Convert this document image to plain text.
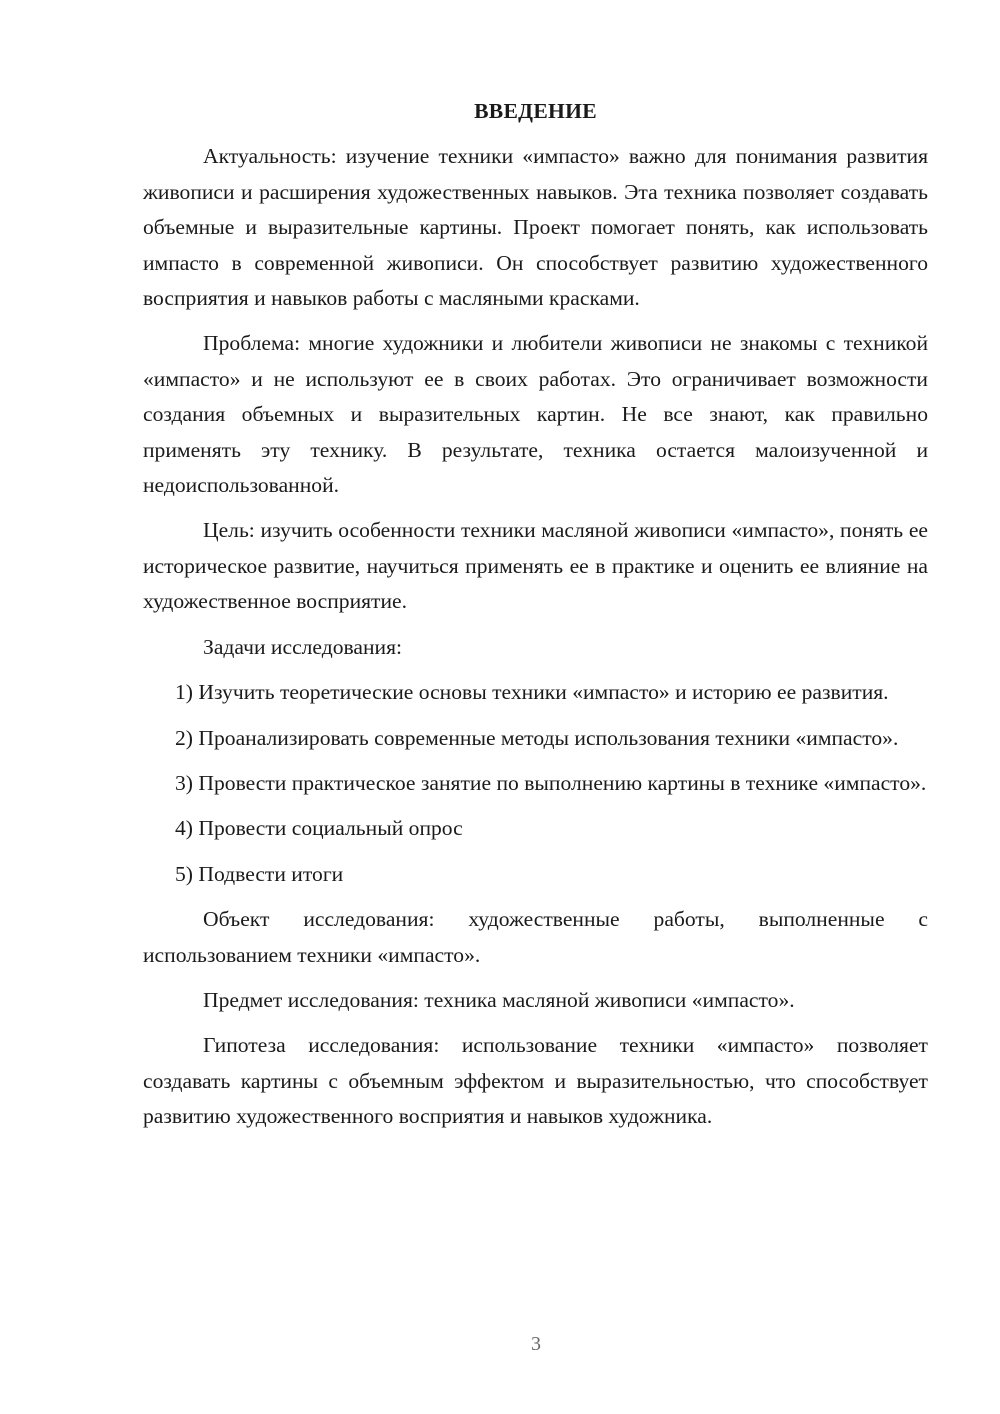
ВВЕДЕНИЕ

Актуальность: изучение техники «импасто» важно для понимания развития живописи и расширения художественных навыков. Эта техника позволяет создавать объемные и выразительные картины. Проект помогает понять, как использовать импасто в современной живописи. Он способствует развитию художественного восприятия и навыков работы с масляными красками.

Проблема: многие художники и любители живописи не знакомы с техникой «импасто» и не используют ее в своих работах. Это ограничивает возможности создания объемных и выразительных картин. Не все знают, как правильно применять эту технику. В результате, техника остается малоизученной и недоиспользованной.

Цель: изучить особенности техники масляной живописи «импасто», понять ее историческое развитие, научиться применять ее в практике и оценить ее влияние на художественное восприятие.

Задачи исследования:

1) Изучить теоретические основы техники «импасто» и историю ее развития.

2) Проанализировать современные методы использования техники «импасто».

3) Провести практическое занятие по выполнению картины в технике «импасто».

4) Провести социальный опрос

5) Подвести итоги

Объект исследования: художественные работы, выполненные с использованием техники «импасто».

Предмет исследования: техника масляной живописи «импасто».

Гипотеза исследования: использование техники «импасто» позволяет создавать картины с объемным эффектом и выразительностью, что способствует развитию художественного восприятия и навыков художника.

3
